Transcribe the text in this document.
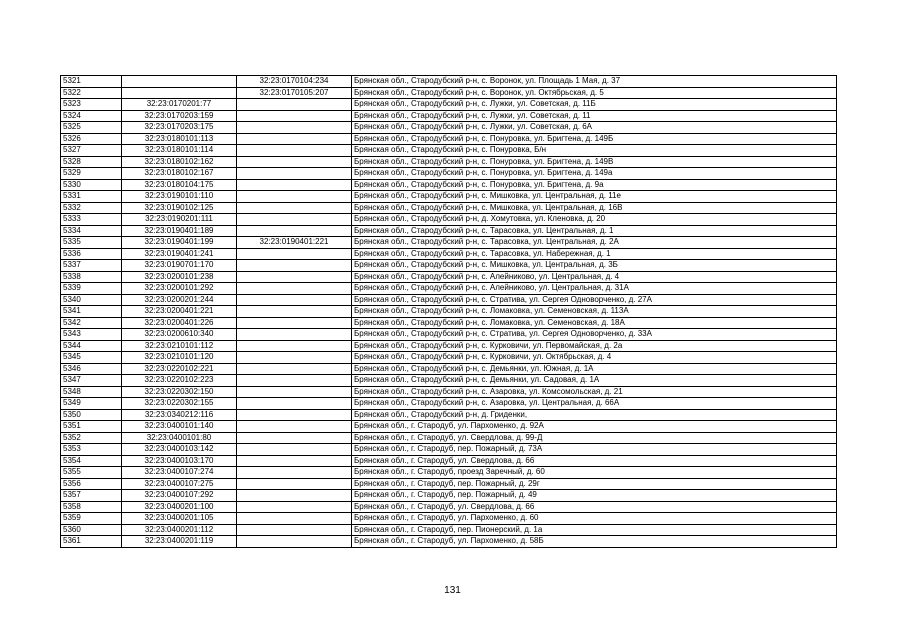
5321		32:23:0170104:234	Брянская обл., Стародубский р-н, с. Воронок, ул. Площадь 1 Мая, д. 37
5322		32:23:0170105:207	Брянская обл., Стародубский р-н, с. Воронок, ул. Октябрьская, д. 5
5323	32:23:0170201:77		Брянская обл., Стародубский р-н, с. Лужки, ул. Советская, д. 11Б
5324	32:23:0170203:159		Брянская обл., Стародубский р-н, с. Лужки, ул. Советская, д. 11
5325	32:23:0170203:175		Брянская обл., Стародубский р-н, с. Лужки, ул. Советская, д. 6А
5326	32:23:0180101:113		Брянская обл., Стародубский р-н, с. Понуровка, ул. Бригтена, д. 149Б
5327	32:23:0180101:114		Брянская обл., Стародубский р-н, с. Понуровка, Б/н
5328	32:23:0180102:162		Брянская обл., Стародубский р-н, с. Понуровка, ул. Бригтена, д. 149В
5329	32:23:0180102:167		Брянская обл., Стародубский р-н, с. Понуровка, ул. Бригтена, д. 149а
5330	32:23:0180104:175		Брянская обл., Стародубский р-н, с. Понуровка, ул. Бригтена, д. 9а
5331	32:23:0190101:110		Брянская обл., Стародубский р-н, с. Мишковка, ул. Центральная, д. 11е
5332	32:23:0190102:125		Брянская обл., Стародубский р-н, с. Мишковка, ул. Центральная, д. 16В
5333	32:23:0190201:111		Брянская обл., Стародубский р-н, д. Хомутовка, ул. Кленовка, д. 20
5334	32:23:0190401:189		Брянская обл., Стародубский р-н, с. Тарасовка, ул. Центральная, д. 1
5335	32:23:0190401:199	32:23:0190401:221	Брянская обл., Стародубский р-н, с. Тарасовка, ул. Центральная, д. 2А
5336	32:23:0190401:241		Брянская обл., Стародубский р-н, с. Тарасовка, ул. Набережная, д. 1
5337	32:23:0190701:170		Брянская обл., Стародубский р-н, с. Мишковка, ул. Центральная, д. 3Б
5338	32:23:0200101:238		Брянская обл., Стародубский р-н, с. Алейниково, ул. Центральная, д. 4
5339	32:23:0200101:292		Брянская обл., Стародубский р-н, с. Алейниково, ул. Центральная, д. 31А
5340	32:23:0200201:244		Брянская обл., Стародубский р-н, с. Стратива, ул. Сергея Одноворченко, д. 27А
5341	32:23:0200401:221		Брянская обл., Стародубский р-н, с. Ломаковка, ул. Семеновская, д. 113А
5342	32:23:0200401:226		Брянская обл., Стародубский р-н, с. Ломаковка, ул. Семеновская, д. 18А
5343	32:23:0200610:340		Брянская обл., Стародубский р-н, с. Стратива, ул. Сергея Одноворченко, д. 33А
5344	32:23:0210101:112		Брянская обл., Стародубский р-н, с. Курковичи, ул. Первомайская, д. 2а
5345	32:23:0210101:120		Брянская обл., Стародубский р-н, с. Курковичи, ул. Октябрьская, д. 4
5346	32:23:0220102:221		Брянская обл., Стародубский р-н, с. Демьянки, ул. Южная, д. 1А
5347	32:23:0220102:223		Брянская обл., Стародубский р-н, с. Демьянки, ул. Садовая, д. 1А
5348	32:23:0220302:150		Брянская обл., Стародубский р-н, с. Азаровка, ул. Комсомольская, д. 21
5349	32:23:0220302:155		Брянская обл., Стародубский р-н, с. Азаровка, ул. Центральная, д. 66А
5350	32:23:0340212:116		Брянская обл., Стародубский р-н, д. Гриденки,
5351	32:23:0400101:140		Брянская обл., г. Стародуб, ул. Пархоменко, д. 92А
5352	32:23:0400101:80		Брянская обл., г. Стародуб, ул. Свердлова, д. 99-Д
5353	32:23:0400103:142		Брянская обл., г. Стародуб, пер. Пожарный, д. 73А
5354	32:23:0400103:170		Брянская обл., г. Стародуб, ул. Свердлова, д. 66
5355	32:23:0400107:274		Брянская обл., г. Стародуб, проезд Заречный, д. 60
5356	32:23:0400107:275		Брянская обл., г. Стародуб, пер. Пожарный, д. 29г
5357	32:23:0400107:292		Брянская обл., г. Стародуб, пер. Пожарный, д. 49
5358	32:23:0400201:100		Брянская обл., г. Стародуб, ул. Свердлова, д. 66
5359	32:23:0400201:105		Брянская обл., г. Стародуб, ул. Пархоменко, д. 60
5360	32:23:0400201:112		Брянская обл., г. Стародуб, пер. Пионерский, д. 1а
5361	32:23:0400201:119		Брянская обл., г. Стародуб, ул. Пархоменко, д. 58Б
131
